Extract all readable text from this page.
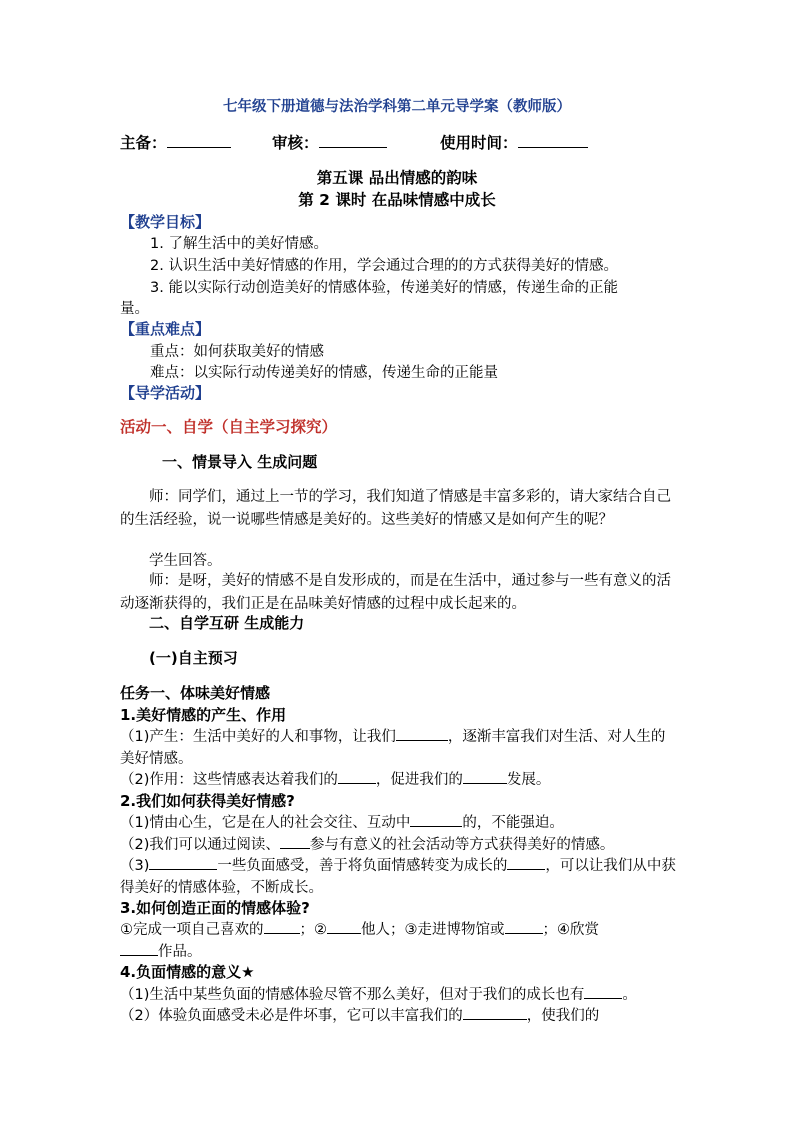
七年级下册道德与法治学科第二单元导学案（教师版）
主备：	审核：	使用时间：
第五课 品出情感的韵味
第 2 课时 在品味情感中成长
【教学目标】
1. 了解生活中的美好情感。
2. 认识生活中美好情感的作用，学会通过合理的的方式获得美好的情感。
3. 能以实际行动创造美好的情感体验，传递美好的情感，传递生命的正能
量。
【重点难点】
重点：如何获取美好的情感
难点：以实际行动传递美好的情感，传递生命的正能量
【导学活动】
活动一、自学（自主学习探究）
一、情景导入 生成问题
师：同学们，通过上一节的学习，我们知道了情感是丰富多彩的，请大家结合自己的生活经验，说一说哪些情感是美好的。这些美好的情感又是如何产生的呢？
学生回答。
师：是呀，美好的情感不是自发形成的，而是在生活中，通过参与一些有意义的活动逐渐获得的，我们正是在品味美好情感的过程中成长起来的。
二、自学互研 生成能力
(一)自主预习
任务一、体味美好情感
1.美好情感的产生、作用
（1)产生：生活中美好的人和事物，让我们	，逐渐丰富我们对生活、对人生的美好情感。
（2)作用：这些情感表达着我们的	，促进我们的	发展。
2.我们如何获得美好情感?
（1)情由心生，它是在人的社会交往、互动中	的，不能强迫。
（2)我们可以通过阅读、 参与有意义的社会活动等方式获得美好的情感。
（3)	一些负面感受，善于将负面情感转变为成长的	，可以让我们从中获得美好的情感体验，不断成长。
3.如何创造正面的情感体验?
①完成一项自己喜欢的 ；② 他人；③走进博物馆或	；④欣赏
作品。
4.负面情感的意义★
（1)生活中某些负面的情感体验尽管不那么美好，但对于我们的成长也有	。
（2）体验负面感受未必是件坏事，它可以丰富我们的	，使我们的
